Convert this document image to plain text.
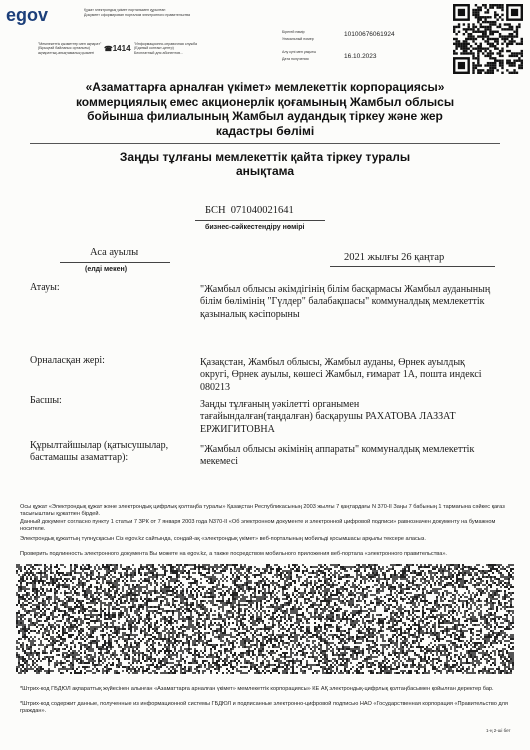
egov	Құжат электрондық үкімет порталымен құрылған
Документ сформирован порталом электронного правительства
"Мемлекеттік қызметтер мен ақпарат"
(Бірыңғай байланыс орталығы)
ақпараттық-анықтамалық қызметі	☎1414 "Информационно-справочная служба
(Единый контакт-центр)
Бесплатный для абонентов...
Бірегей нөмір	10100676061924
Уникальный номер
Алу күні мен уақыты
16.10.2023
Дата получения
«Азаматтарға арналған үкімет» мемлекеттік корпорациясы»
коммерциялық емес акционерлік қоғамының Жамбыл облысы
бойынша филиалының Жамбыл аудандық тіркеу және жер
кадастры бөлімі
Заңды тұлғаны мемлекеттік қайта тіркеу туралы
анықтама
БСН 071040021641
бизнес-сәйкестендіру нөмірі
Аса ауылы
(елді мекен)
2021 жылғы 26 қаңтар
Атауы:	"Жамбыл облысы әкімдігінің білім басқармасы Жамбыл ауданының білім бөлімінің "Гүлдер" балабақшасы" коммуналдық мемлекеттік қазыналық кәсіпорыны
Орналасқан жері:	Қазақстан, Жамбыл облысы, Жамбыл ауданы, Өрнек ауылдық округі, Өрнек ауылы, көшесі Жамбыл, ғимарат 1А, пошта индексі 080213
Басшы:	Заңды тұлғаның уәкілетті органымен тағайындалған(таңдалған) басқарушы РАХАТОВА ЛАЗЗАТ ЕРЖИГИТОВНА
Құрылтайшылар (қатысушылар, бастамашы азаматтар):
"Жамбыл облысы әкімінің аппараты" коммуналдық мемлекеттік мекемесі
Осы құжат «Электрондық құжат және электрондық цифрлық қолтаңба туралы» Қазақстан Республикасының 2003 жылғы 7 қаңтардағы N 370-II Заңы 7 бабының 1 тармағына сәйкес қағаз тасығыштағы құжатпен бірдей.
Данный документ согласно пункту 1 статьи 7 ЗРК от 7 января 2003 года N370-II «Об электронном документе и электронной цифровой подписи» равнозначен документу на бумажном носителе.
Электрондық құжаттың түпнұсқасын Сіз egov.kz сайтында, сондай-ақ «электрондық үкімет» веб-порталының мобильді қосымшасы арқылы тексере аласыз.
Проверить подлинность электронного документа Вы можете на egov.kz, а также посредством мобильного приложения веб-портала «электронного правительства».
*Штрих-код ГБДЮЛ ақпараттық жүйесінен алынған «Азаматтарға арналған үкімет» мемлекеттік корпорациясы» КЕ АҚ электрондық-цифрлық қолтаңбасымен қойылған деректер бар.
*Штрих-код содержит данные, полученные из информационной системы ГБДЮЛ и подписанные электронно-цифровой подписью НАО «Государственная корпорация «Правительство для граждан».
1-ң 2-ші бет
